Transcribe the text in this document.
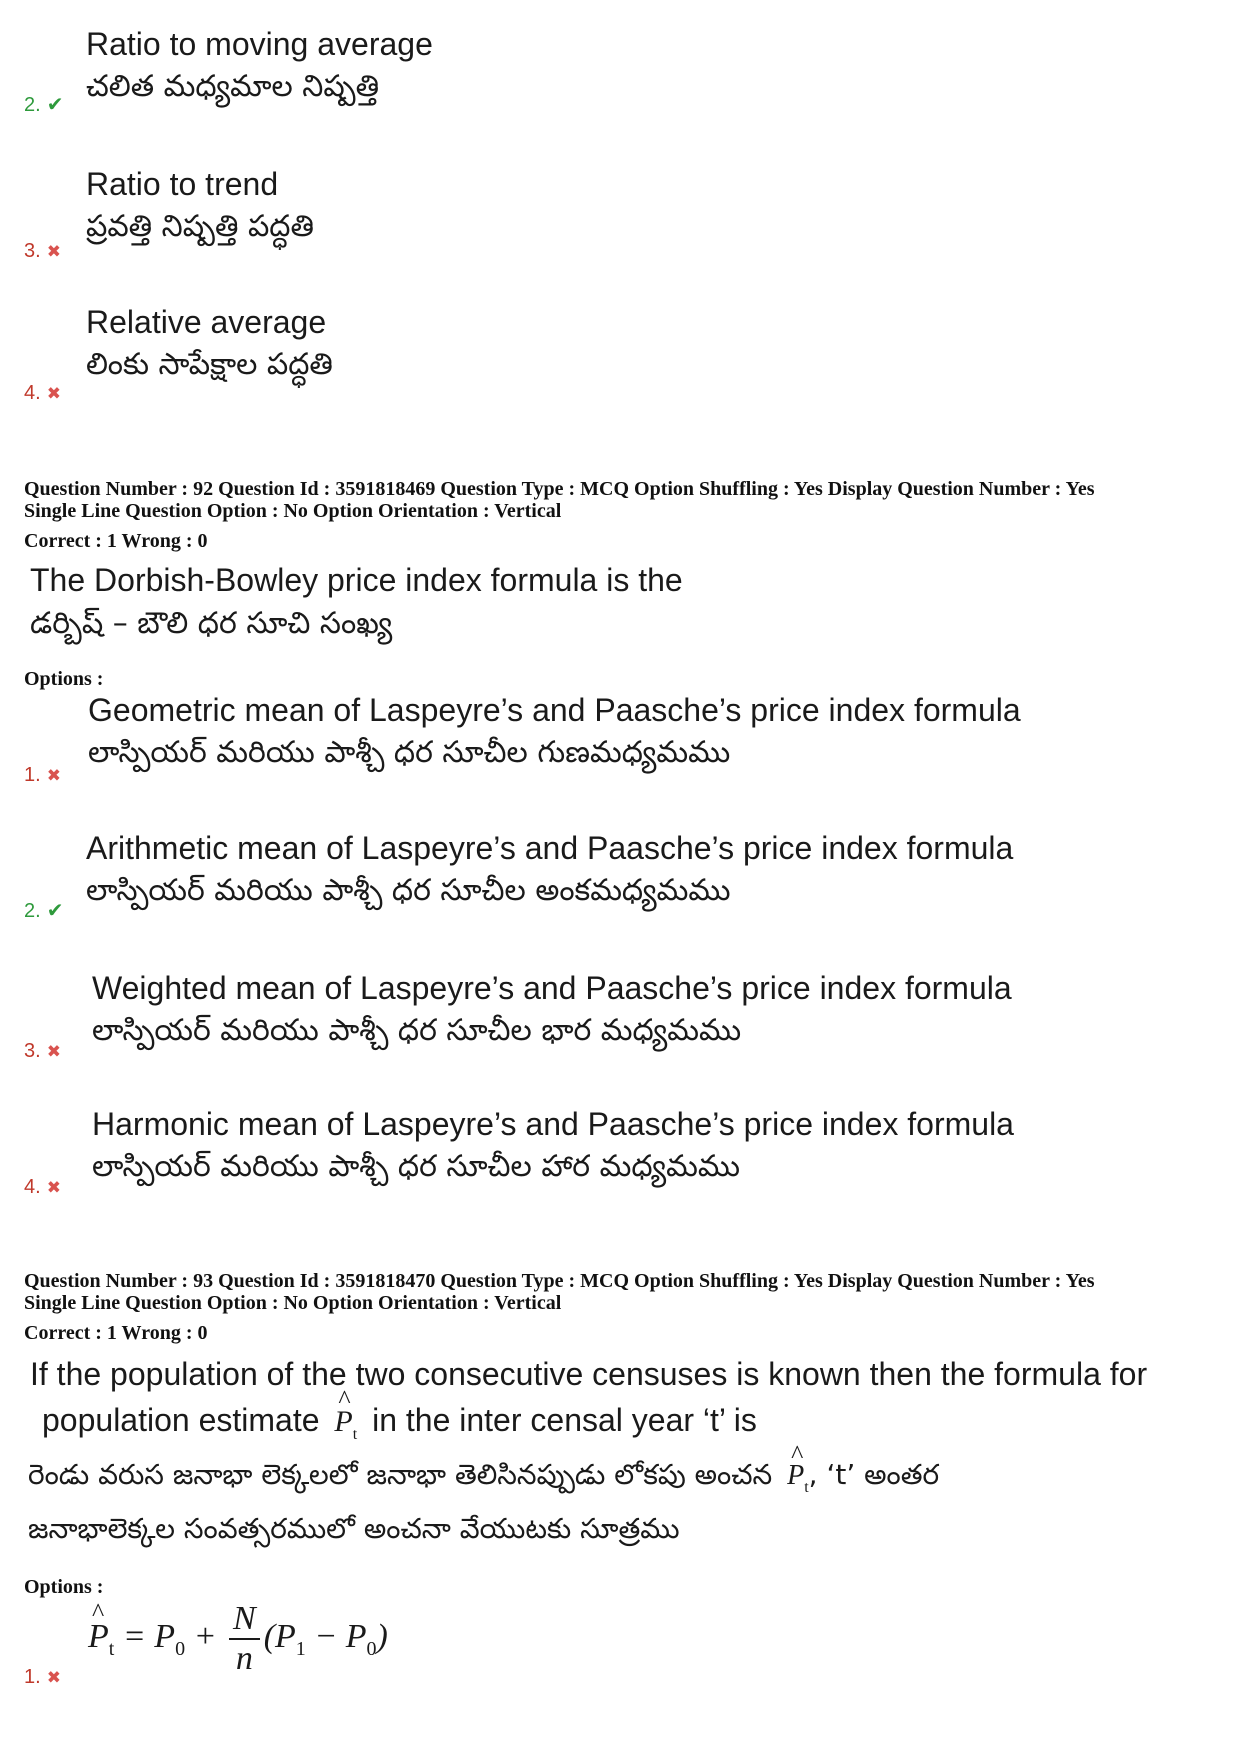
Ratio to moving average
చలిత మధ్యమాల నిష్పత్తి
2. ✔
Ratio to trend
ప్రవత్తి నిష్పత్తి పద్ధతి
3. ✖
Relative average
లింకు సాపేక్షాల పద్ధతి
4. ✖
Question Number : 92 Question Id : 3591818469 Question Type : MCQ Option Shuffling : Yes Display Question Number : Yes
Single Line Question Option : No Option Orientation : Vertical
Correct : 1 Wrong : 0
The Dorbish-Bowley price index formula is the
డర్బిష్ – బౌలి ధర సూచి సంఖ్య
Options :
Geometric mean of Laspeyre’s and Paasche’s price index formula
లాస్పియర్ మరియు పాశ్చీ ధర సూచీల గుణమధ్యమము
1. ✖
Arithmetic mean of Laspeyre’s and Paasche’s price index formula
లాస్పియర్ మరియు పాశ్చీ ధర సూచీల అంకమధ్యమము
2. ✔
Weighted mean of Laspeyre’s and Paasche’s price index formula
లాస్పియర్ మరియు పాశ్చీ ధర సూచీల భార మధ్యమము
3. ✖
Harmonic mean of Laspeyre’s and Paasche’s price index formula
లాస్పియర్ మరియు పాశ్చీ ధర సూచీల హార మధ్యమము
4. ✖
Question Number : 93 Question Id : 3591818470 Question Type : MCQ Option Shuffling : Yes Display Question Number : Yes
Single Line Question Option : No Option Orientation : Vertical
Correct : 1 Wrong : 0
If the population of the two consecutive censuses is known then the formula for
population estimate ^ $P_t$ in the inter censal year ‘t’ is
రెండు వరుస జనాభా లెక్కలలో జనాభా తెలిసినప్పుడు లోకపు అంచన ^ $P_t$, ‘t’ అంతర
జనాభాలెక్కల సంవత్సరములో అంచనా వేయుటకు సూత్రము
Options :
^ $P_t = P_0 + \frac{N}{n} (P_1 - P_0)$
1. ✖
